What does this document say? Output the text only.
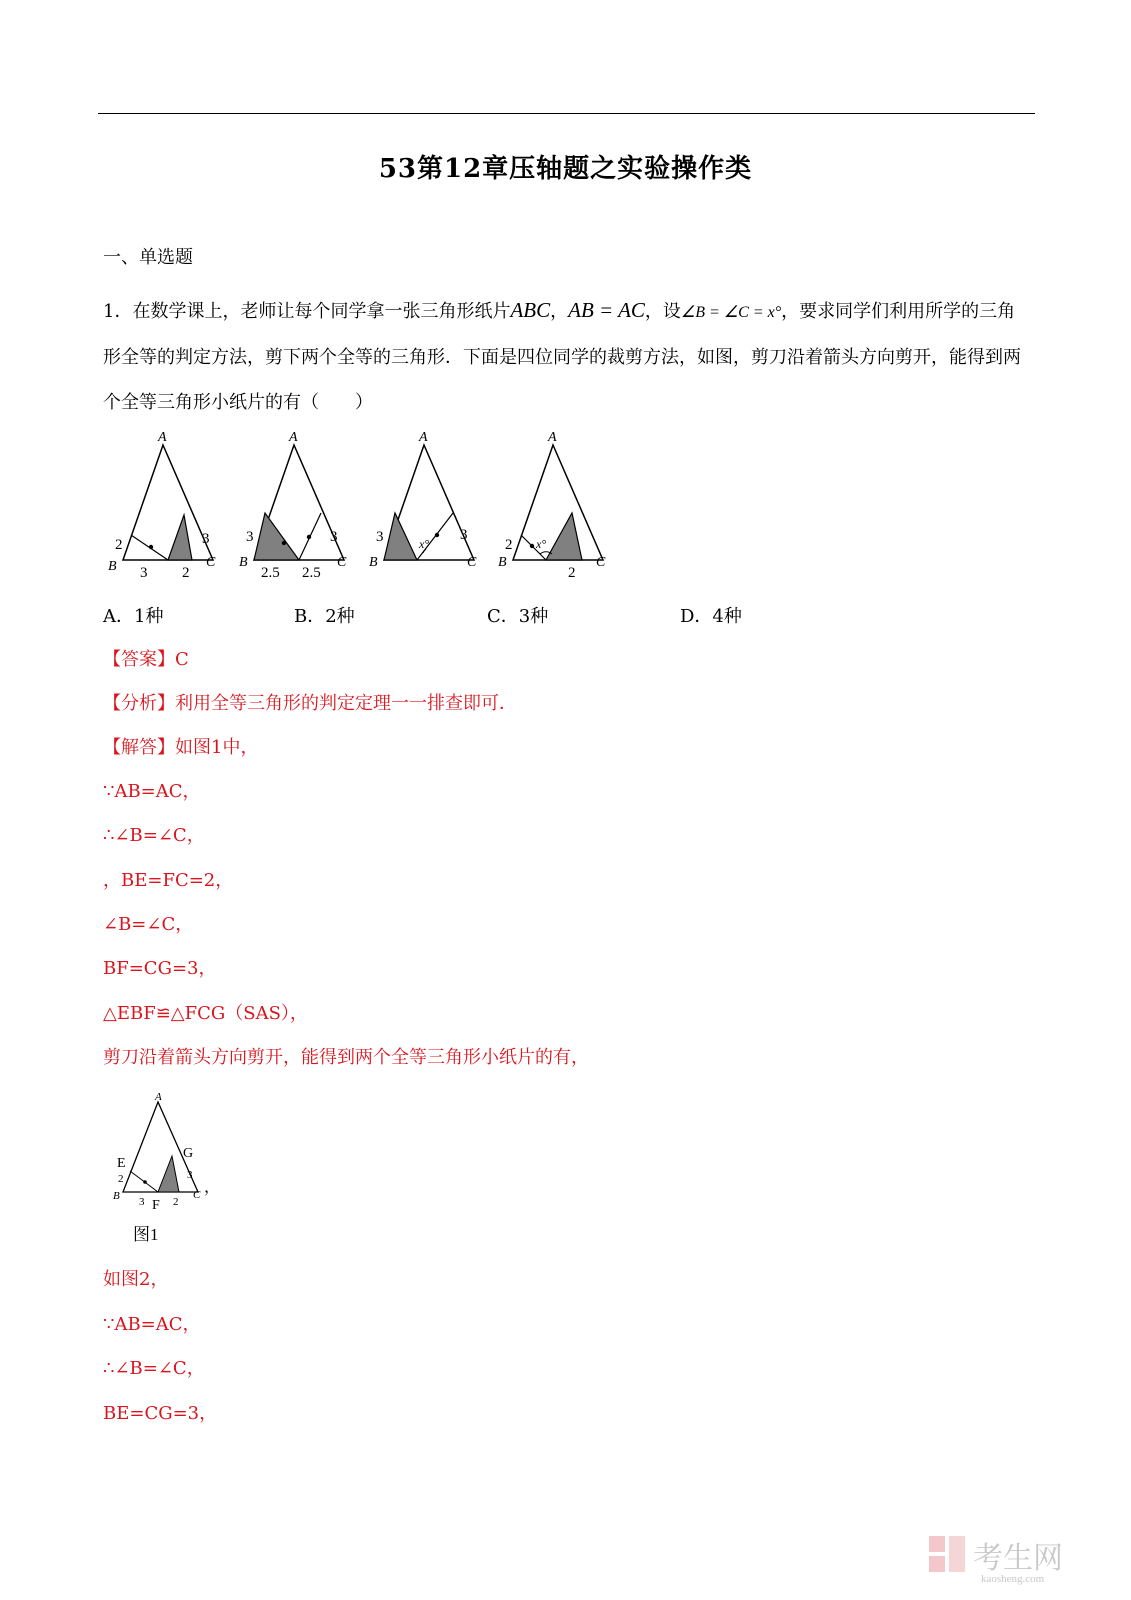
53第12章压轴题之实验操作类
一、单选题
1．在数学课上，老师让每个同学拿一张三角形纸片ABC，AB = AC，设∠B = ∠C = x°，要求同学们利用所学的三角形全等的判定方法，剪下两个全等的三角形．下面是四位同学的裁剪方法，如图，剪刀沿着箭头方向剪开，能得到两个全等三角形小纸片的有（　　）
A
B	C
2	3
3 2
A
B	C
3	3
2.5 2.5
A
B	C
3	3
x°
A
B	C
2 x°
2
A．1种	B．2种	C．3种	D．4种
【答案】C
【分析】利用全等三角形的判定定理一一排查即可．
【解答】如图1中，
∵AB=AC，
∴∠B=∠C，
，BE=FC=2，
∠B=∠C，
BF=CG=3，
△EBF≌△FCG（SAS），
剪刀沿着箭头方向剪开，能得到两个全等三角形小纸片的有，
A
E
G
2	3
B	C
3 F 2
，
图1
如图2，
∵AB=AC，
∴∠B=∠C，
BE=CG=3，
考生网
kaosheng.com
